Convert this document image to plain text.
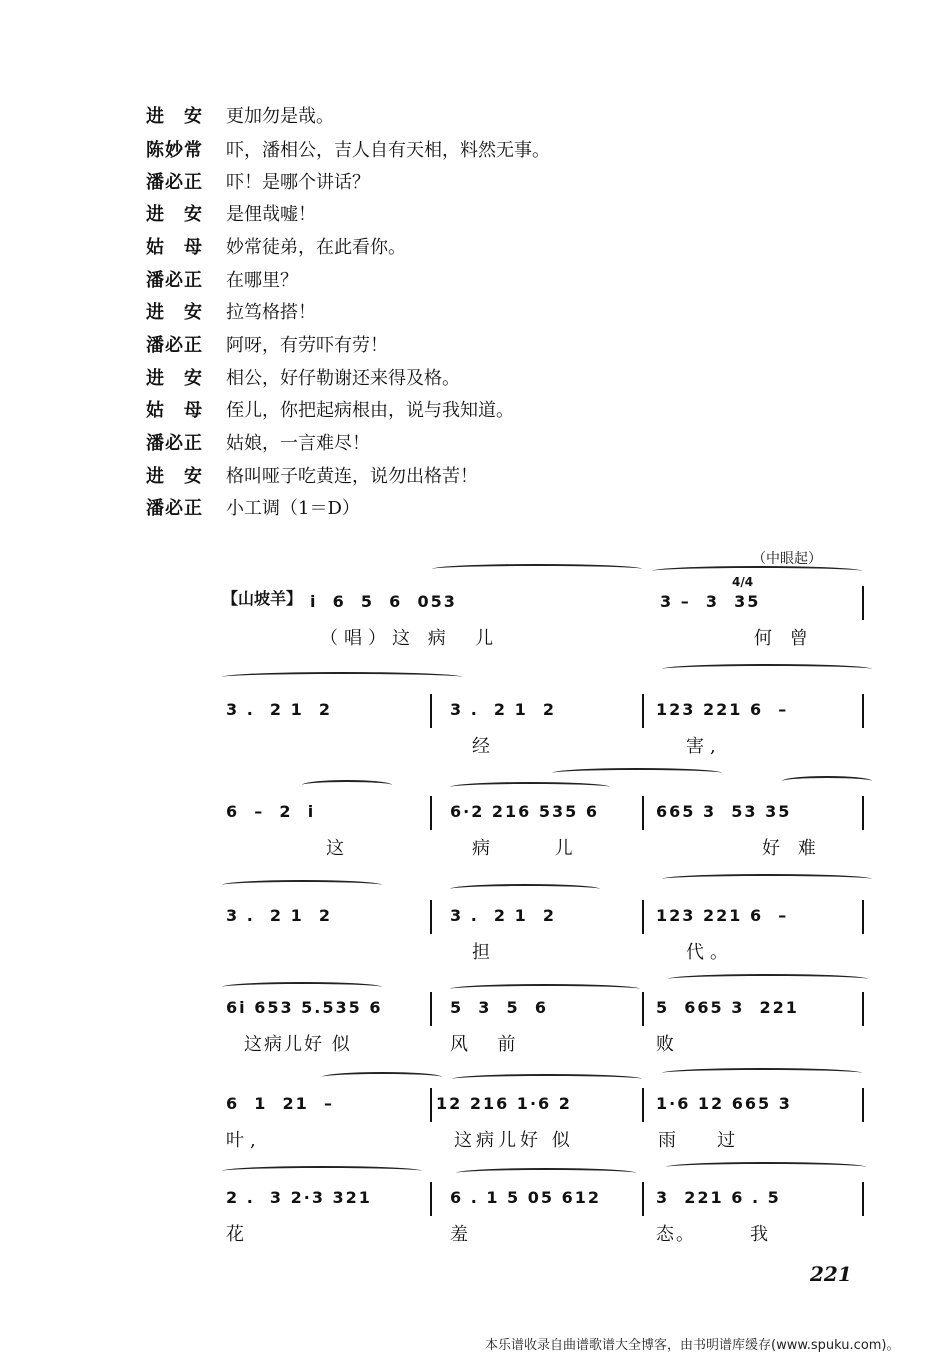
进　安 更加勿是哉。
陈妙常 吓，潘相公，吉人自有天相，料然无事。
潘必正 吓！是哪个讲话？
进　安 是俚哉嘘！
姑　母 妙常徒弟，在此看你。
潘必正 在哪里？
进　安 拉笃格搭！
潘必正 阿呀，有劳吓有劳！
进　安 相公，好仔勒谢还来得及格。
姑　母 侄儿，你把起病根由，说与我知道。
潘必正 姑娘，一言难尽！
进　安 格叫哑子吃黄连，说勿出格苦！
潘必正 小工调（1＝D）
（中眼起）
【山坡羊】
4/4
i  6  5  6  053
（唱）这 病  儿
3 –  3  35
何 曾
3 .  2 1  2	3 .  2 1  2
经
123 221 6  –
害,
6  –  2  i
这
6·2 216 535 6
病     儿
665 3  53 35
好 难
3 .  2 1  2	3 .  2 1  2
担
123 221 6  –
代。
6i 653 5.535 6
这病儿好 似
5  3  5  6
风  前
5  665 3  221
败
6  1  21  –
叶,
12 216 1·6 2
这病儿好 似
1·6 12 665 3
雨   过
2 .  3 2·3 321
花
6 . 1 5 05 612
羞
3  221 6 . 5
态。       我
221
本乐谱收录自曲谱歌谱大全博客，由书明谱库缓存(www.spuku.com)。
